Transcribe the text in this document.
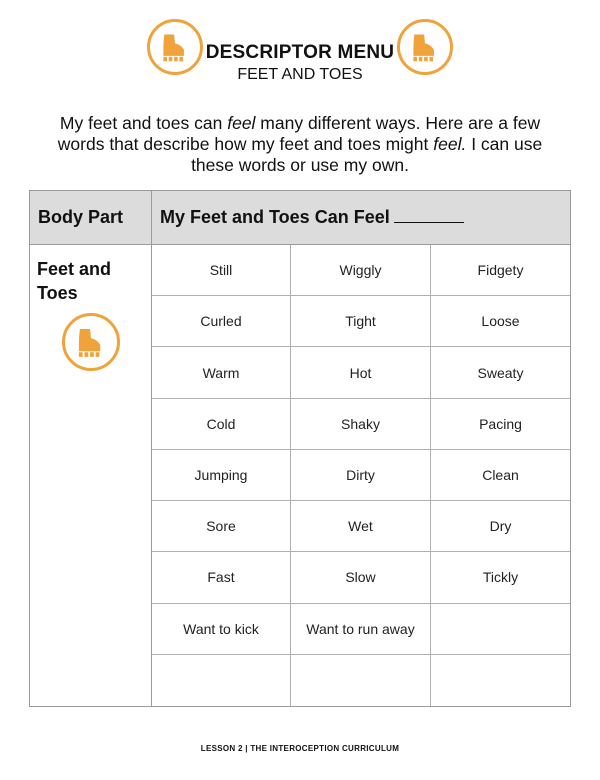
DESCRIPTOR MENU
FEET AND TOES
My feet and toes can feel many different ways. Here are a few words that describe how my feet and toes might feel. I can use these words or use my own.
Body Part	My Feet and Toes Can Feel
Feet and Toes
Still	Wiggly	Fidgety
Curled	Tight	Loose
Warm	Hot	Sweaty
Cold	Shaky	Pacing
Jumping	Dirty	Clean
Sore	Wet	Dry
Fast	Slow	Tickly
Want to kick	Want to run away
LESSON 2 | THE INTEROCEPTION CURRICULUM
